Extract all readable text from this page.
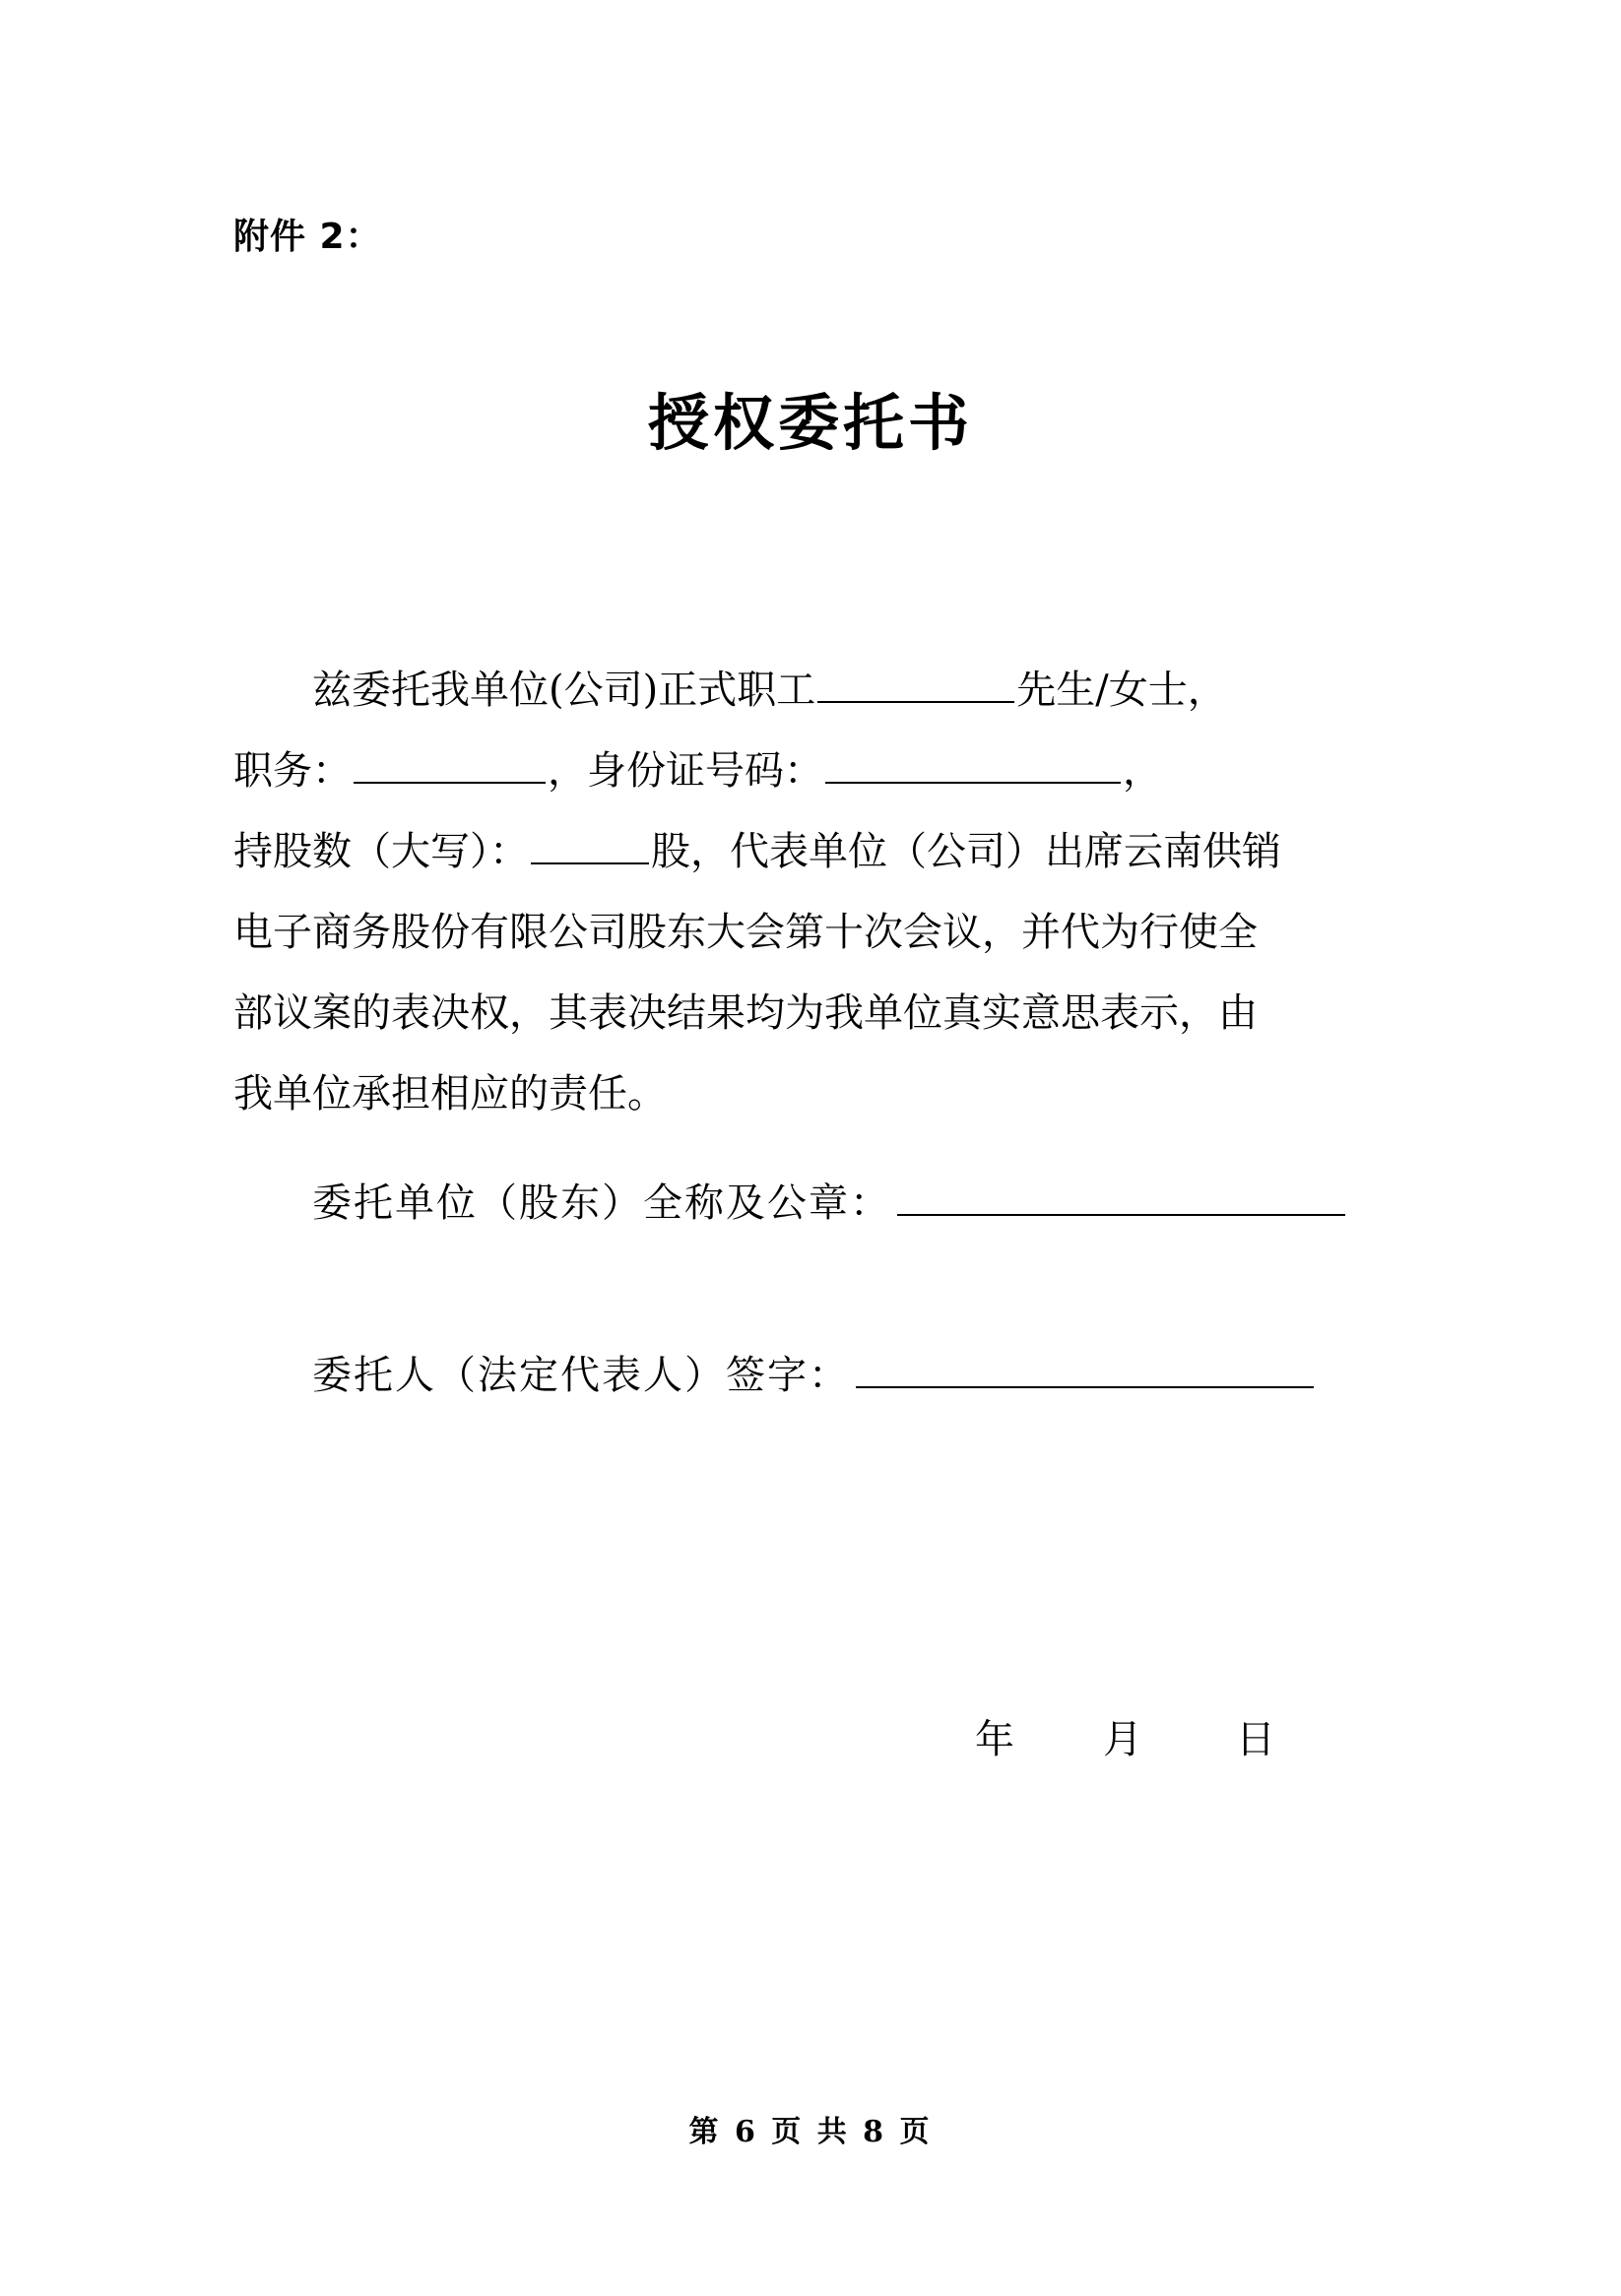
附件 2：
授权委托书

兹委托我单位(公司)正式职工	先生/女士，
职务：	，身份证号码：	，
持股数（大写）：	股，代表单位（公司）出席云南供销
电子商务股份有限公司股东大会第十次会议，并代为行使全
部议案的表决权，其表决结果均为我单位真实意思表示，由
我单位承担相应的责任。

委托单位（股东）全称及公章：
委托人（法定代表人）签字：
年 月 日
第 6 页 共 8 页
